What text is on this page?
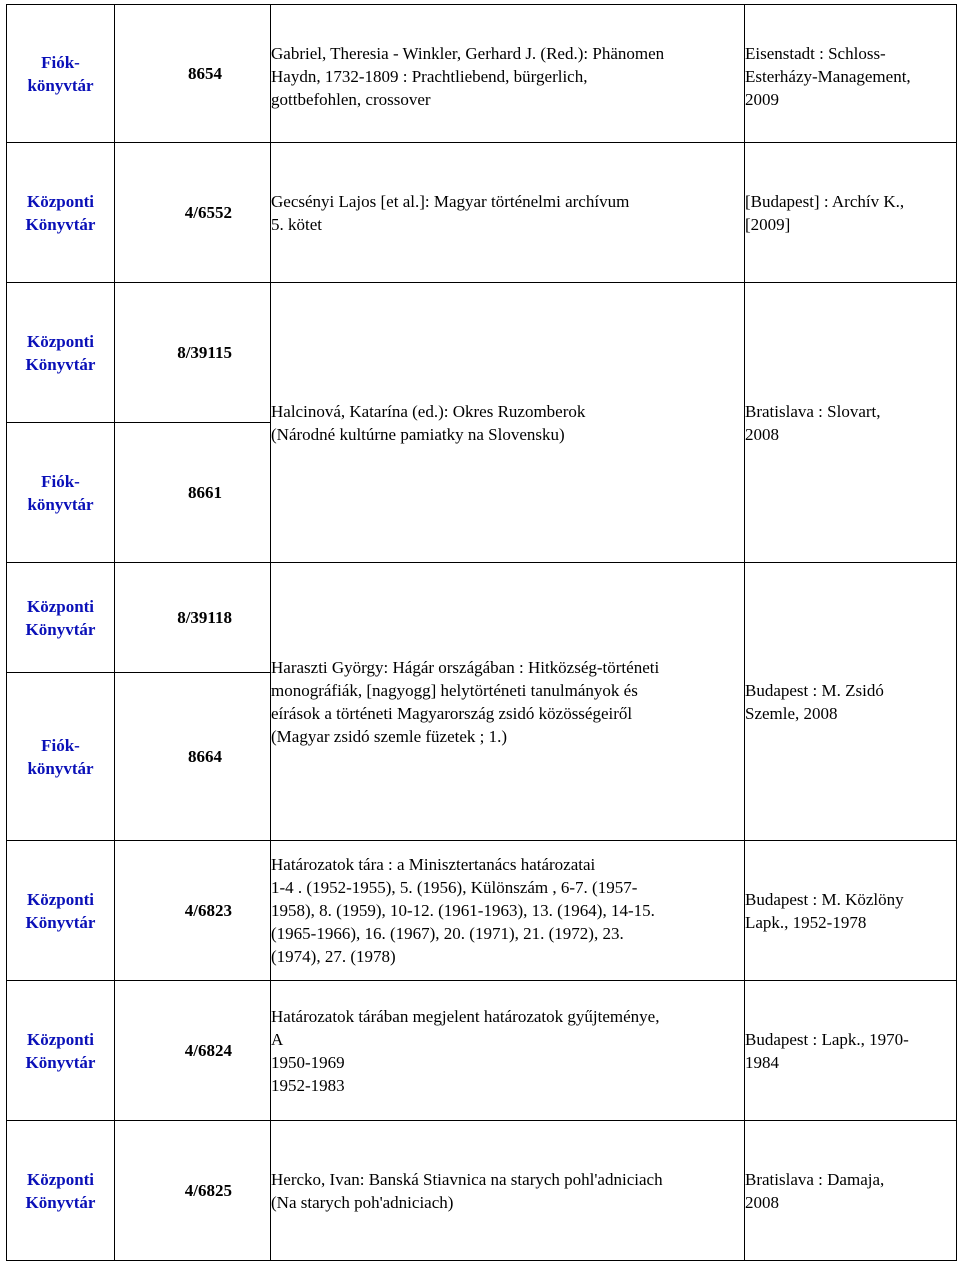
Fiók-
könyvtár	8654	Gabriel, Theresia - Winkler, Gerhard J. (Red.): Phänomen
Haydn, 1732-1809 : Prachtliebend, bürgerlich,
gottbefohlen, crossover	Eisenstadt : Schloss-
Esterházy-Management,
2009

Központi
Könyvtár	4/6552	Gecsényi Lajos [et al.]: Magyar történelmi archívum
5. kötet	[Budapest] : Archív K.,
[2009]

Központi
Könyvtár	8/39115	Halcinová, Katarína (ed.): Okres Ruzomberok
(Národné kultúrne pamiatky na Slovensku)	Bratislava : Slovart,
2008

Fiók-
könyvtár	8661		

Központi
Könyvtár	8/39118	Haraszti György: Hágár országában : Hitközség-történeti
monográfiák, [nagyogg] helytörténeti tanulmányok és
eírások a történeti Magyarország zsidó közösségeiről
(Magyar zsidó szemle füzetek ; 1.)	Budapest : M. Zsidó
Szemle, 2008

Fiók-
könyvtár	8664		

Központi
Könyvtár	4/6823	Határozatok tára : a Minisztertanács határozatai
1-4 . (1952-1955), 5. (1956), Különszám , 6-7. (1957-
1958), 8. (1959), 10-12. (1961-1963), 13. (1964), 14-15.
(1965-1966), 16. (1967), 20. (1971), 21. (1972), 23.
(1974), 27. (1978)	Budapest : M. Közlöny
Lapk., 1952-1978

Központi
Könyvtár	4/6824	Határozatok tárában megjelent határozatok gyűjteménye,
A
1950-1969
1952-1983	Budapest : Lapk., 1970-
1984

Központi
Könyvtár	4/6825	Hercko, Ivan: Banská Stiavnica na starych pohl'adniciach
(Na starych poh'adniciach)	Bratislava : Damaja,
2008
